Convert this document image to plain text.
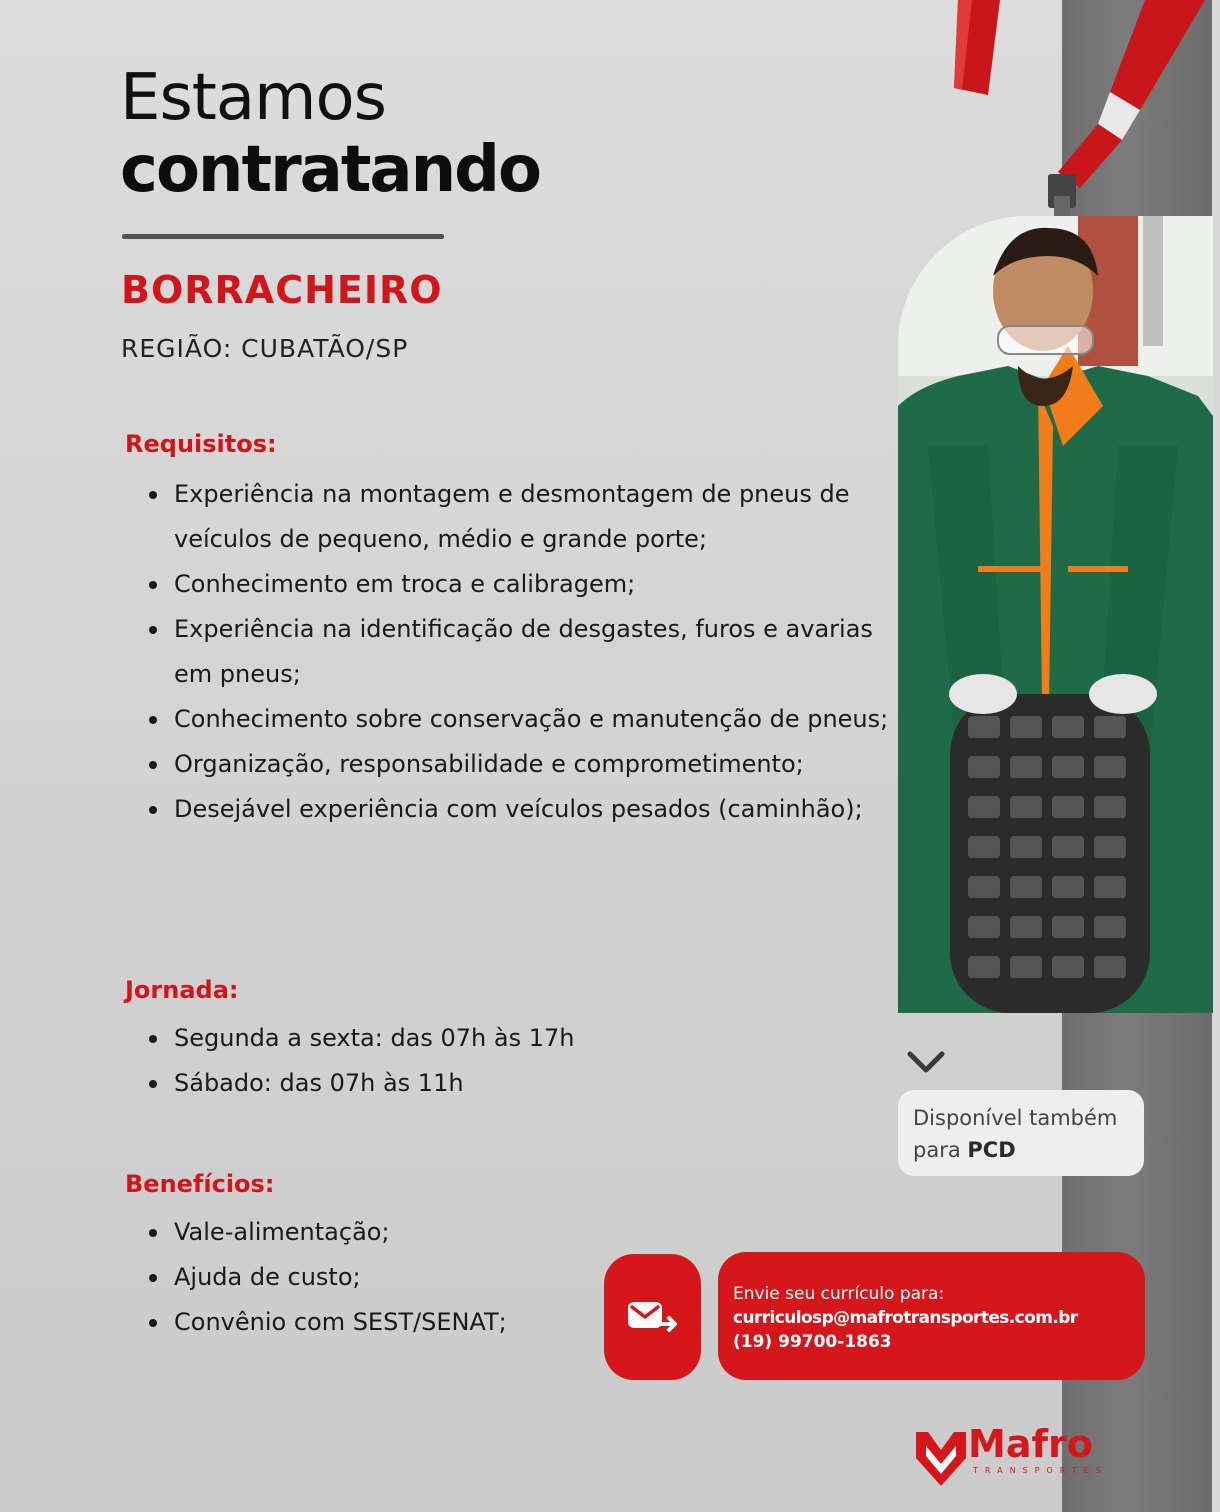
Estamos
contratando
BORRACHEIRO
REGIÃO: CUBATÃO/SP
Requisitos:
Experiência na montagem e desmontagem de pneus de veículos de pequeno, médio e grande porte;
Conhecimento em troca e calibragem;
Experiência na identificação de desgastes, furos e avarias em pneus;
Conhecimento sobre conservação e manutenção de pneus;
Organização, responsabilidade e comprometimento;
Desejável experiência com veículos pesados (caminhão);
Jornada:
Segunda a sexta: das 07h às 17h
Sábado: das 07h às 11h
Benefícios:
Vale-alimentação;
Ajuda de custo;
Convênio com SEST/SENAT;
Disponível também
para PCD
Envie seu currículo para:
curriculosp@mafrotransportes.com.br
(19) 99700-1863
Mafro
TRANSPORTES
